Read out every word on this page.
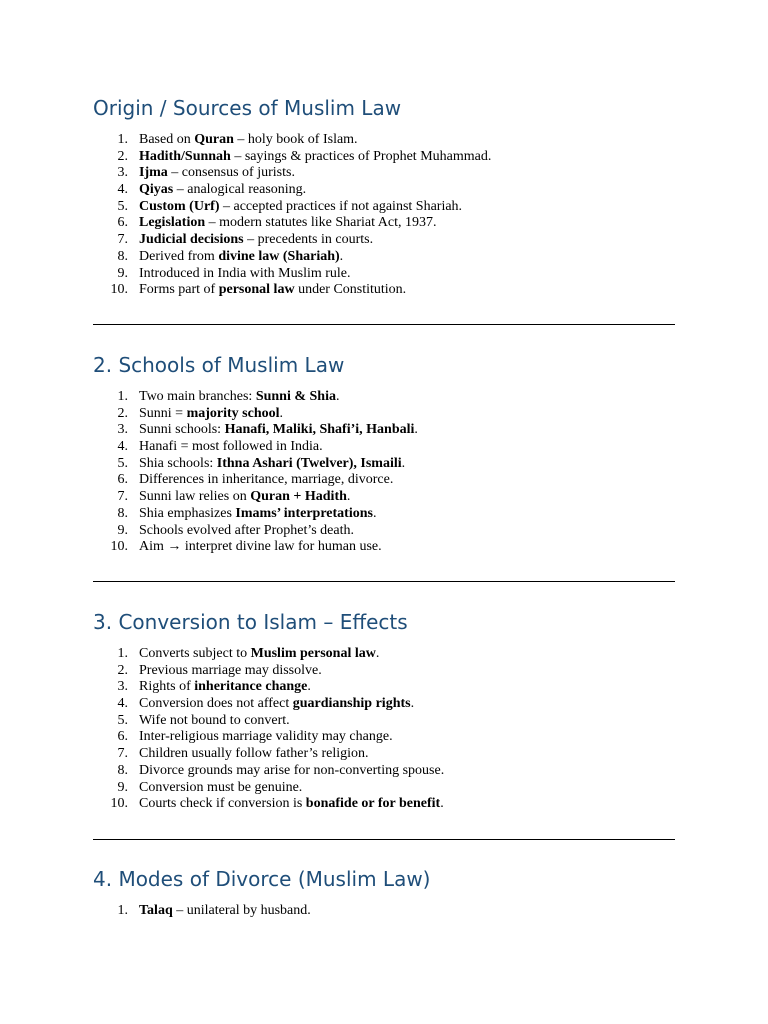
Origin / Sources of Muslim Law
1. Based on Quran – holy book of Islam.
2. Hadith/Sunnah – sayings & practices of Prophet Muhammad.
3. Ijma – consensus of jurists.
4. Qiyas – analogical reasoning.
5. Custom (Urf) – accepted practices if not against Shariah.
6. Legislation – modern statutes like Shariat Act, 1937.
7. Judicial decisions – precedents in courts.
8. Derived from divine law (Shariah).
9. Introduced in India with Muslim rule.
10. Forms part of personal law under Constitution.
2. Schools of Muslim Law
1. Two main branches: Sunni & Shia.
2. Sunni = majority school.
3. Sunni schools: Hanafi, Maliki, Shafi’i, Hanbali.
4. Hanafi = most followed in India.
5. Shia schools: Ithna Ashari (Twelver), Ismaili.
6. Differences in inheritance, marriage, divorce.
7. Sunni law relies on Quran + Hadith.
8. Shia emphasizes Imams’ interpretations.
9. Schools evolved after Prophet’s death.
10. Aim → interpret divine law for human use.
3. Conversion to Islam – Effects
1. Converts subject to Muslim personal law.
2. Previous marriage may dissolve.
3. Rights of inheritance change.
4. Conversion does not affect guardianship rights.
5. Wife not bound to convert.
6. Inter-religious marriage validity may change.
7. Children usually follow father’s religion.
8. Divorce grounds may arise for non-converting spouse.
9. Conversion must be genuine.
10. Courts check if conversion is bonafide or for benefit.
4. Modes of Divorce (Muslim Law)
1. Talaq – unilateral by husband.
